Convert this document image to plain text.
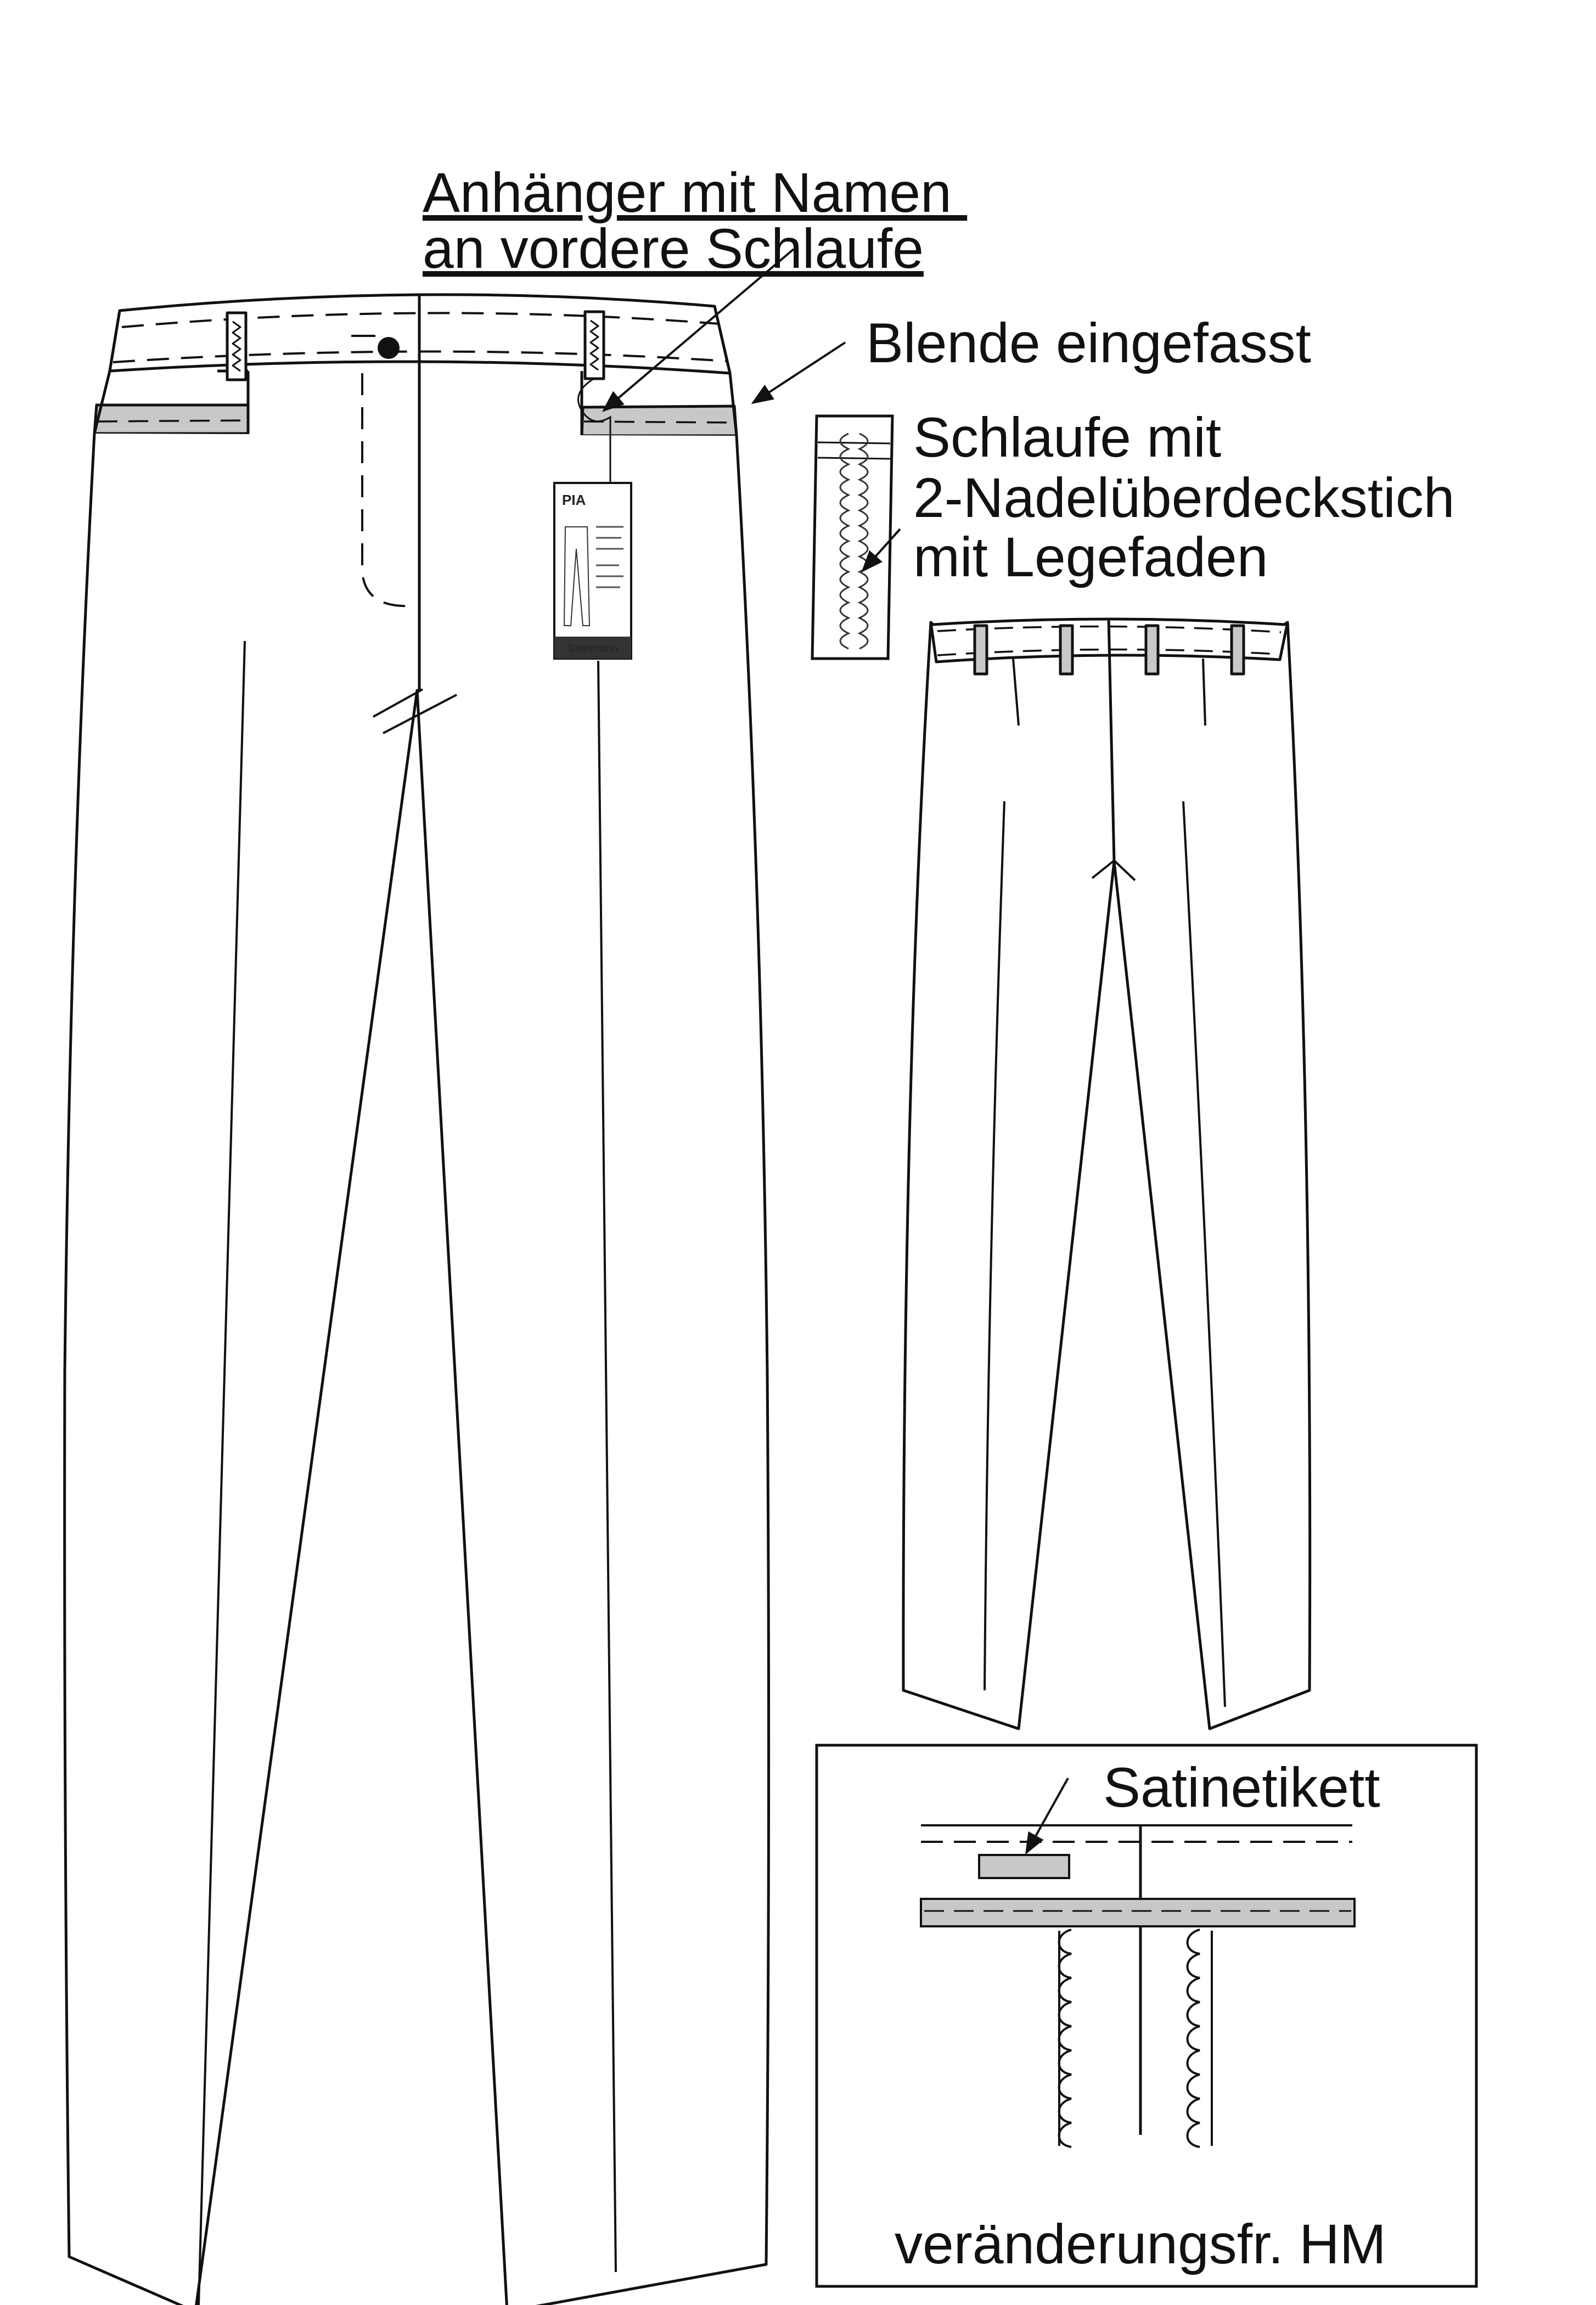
PIA
Stehmann
Anhänger mit Namen
an vordere Schlaufe
Blende eingefasst
Schlaufe mit
2-Nadelüberdeckstich
mit Legefaden
Satinetikett
veränderungsfr. HM
